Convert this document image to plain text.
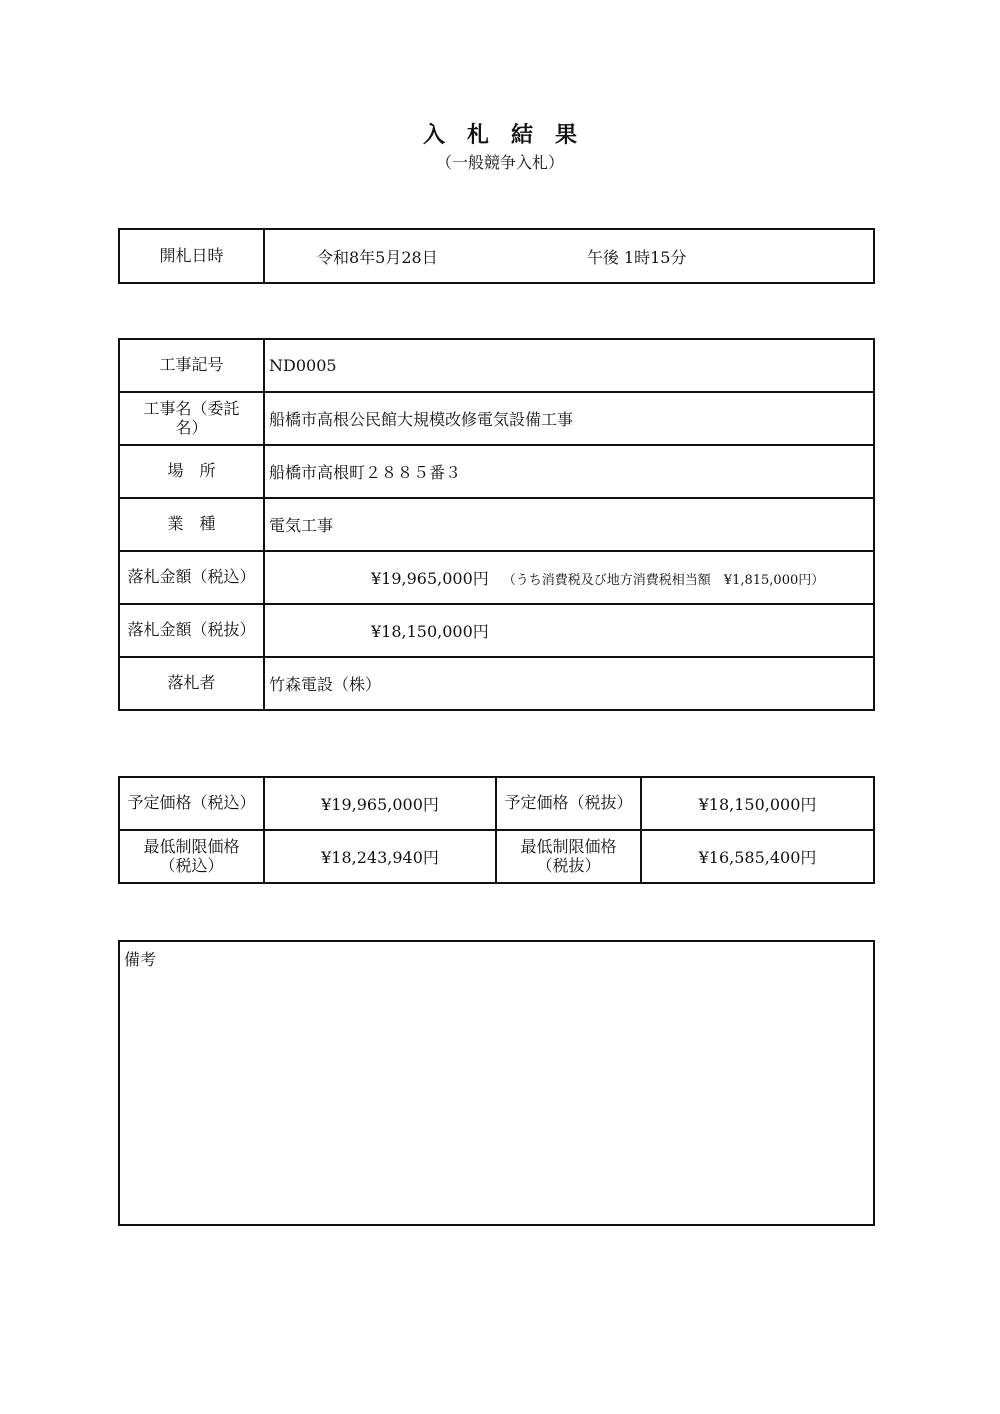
入札結果
（一般競争入札）
開札日時	令和8年5月28日	午後 1時15分
工事記号	ND0005
工事名（委託名）	船橋市高根公民館大規模改修電気設備工事
場　所	船橋市高根町２８８５番３
業　種	電気工事
落札金額（税込）	¥19,965,000円 （うち消費税及び地方消費税相当額　¥1,815,000円）
落札金額（税抜）	¥18,150,000円
落札者	竹森電設（株）
予定価格（税込）	¥19,965,000円	予定価格（税抜）	¥18,150,000円
最低制限価格（税込）	¥18,243,940円	最低制限価格（税抜）	¥16,585,400円
備考
